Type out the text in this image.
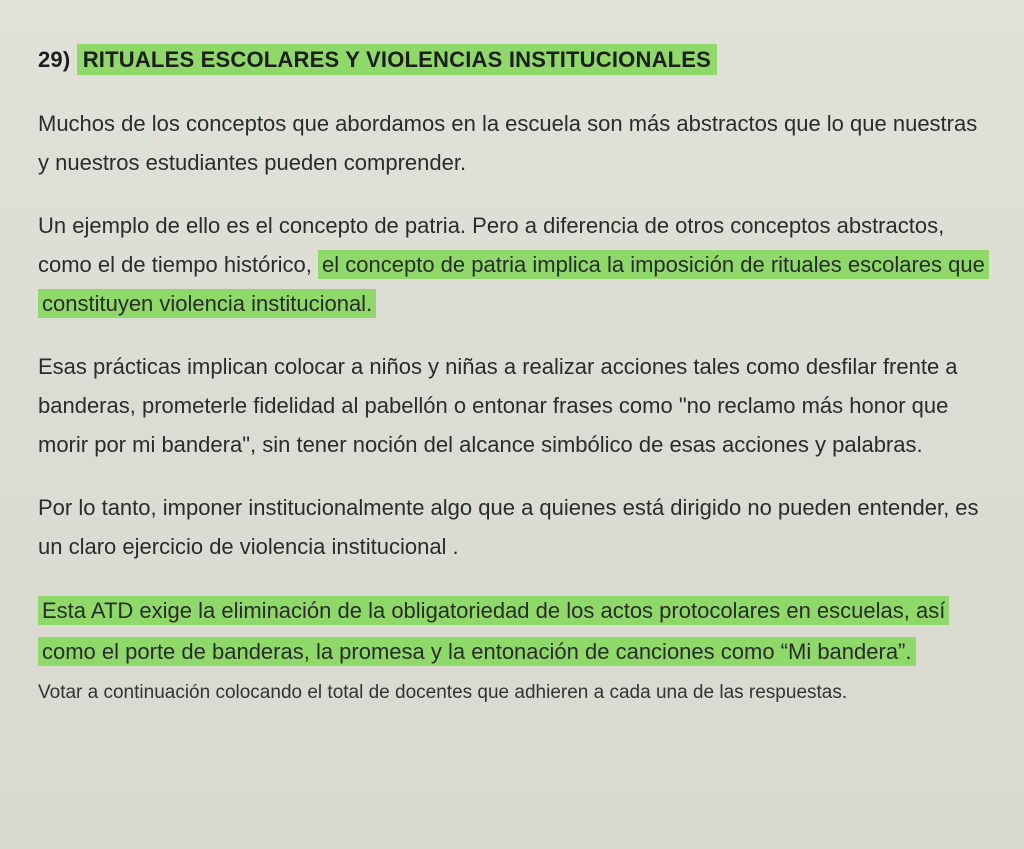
29) RITUALES ESCOLARES Y VIOLENCIAS INSTITUCIONALES

Muchos de los conceptos que abordamos en la escuela son más abstractos que lo que nuestras y nuestros estudiantes pueden comprender.

Un ejemplo de ello es el concepto de patria. Pero a diferencia de otros conceptos abstractos, como el de tiempo histórico, el concepto de patria implica la imposición de rituales escolares que constituyen violencia institucional.

Esas prácticas implican colocar a niños y niñas a realizar acciones tales como desfilar frente a banderas, prometerle fidelidad al pabellón o entonar frases como "no reclamo más honor que morir por mi bandera", sin tener noción del alcance simbólico de esas acciones y palabras.

Por lo tanto, imponer institucionalmente algo que a quienes está dirigido no pueden entender, es un claro ejercicio de violencia institucional .

Esta ATD exige la eliminación de la obligatoriedad de los actos protocolares en escuelas, así como el porte de banderas, la promesa y la entonación de canciones como “Mi bandera”.

Votar a continuación colocando el total de docentes que adhieren a cada una de las respuestas.
